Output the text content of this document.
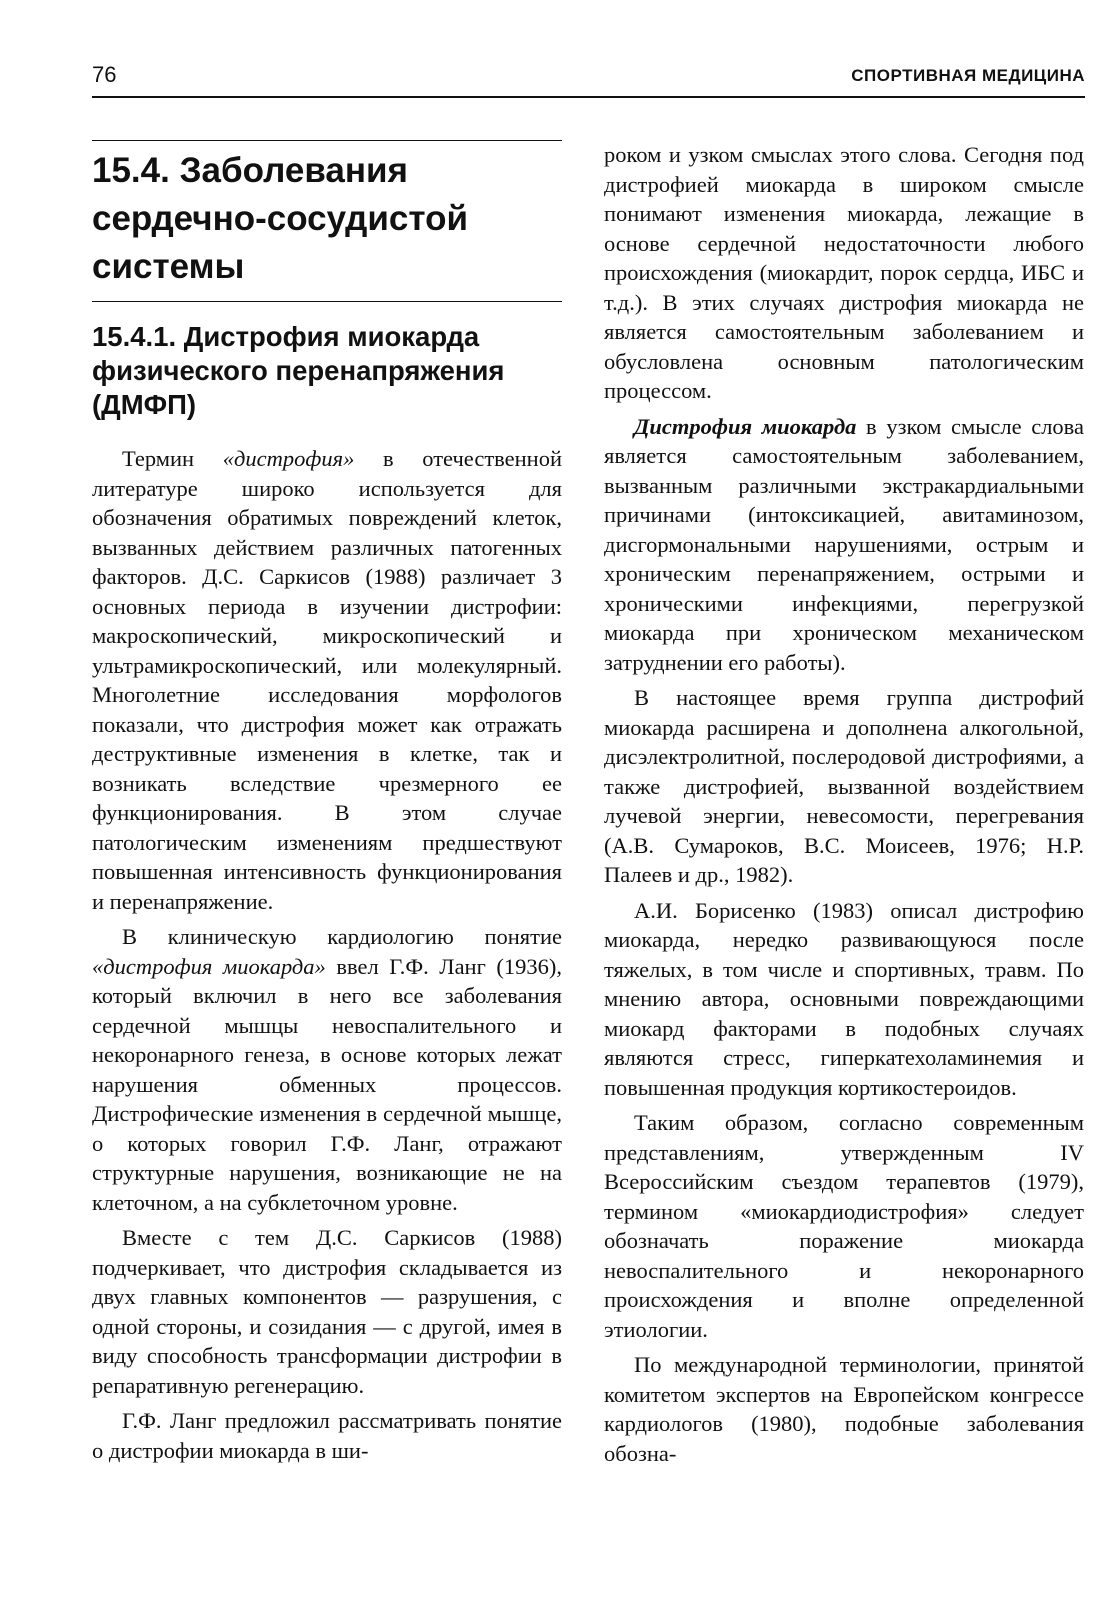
76	СПОРТИВНАЯ МЕДИЦИНА
15.4. Заболевания сердечно-сосудистой системы
15.4.1. Дистрофия миокарда физического перенапряжения (ДМФП)

Термин «дистрофия» в отечественной литературе широко используется для обозначения обратимых повреждений клеток, вызванных действием различных патогенных факторов. Д.С. Саркисов (1988) различает 3 основных периода в изучении дистрофии: макроскопический, микроскопический и ультрамикроскопический, или молекулярный. Многолетние исследования морфологов показали, что дистрофия может как отражать деструктивные изменения в клетке, так и возникать вследствие чрезмерного ее функционирования. В этом случае патологическим изменениям предшествуют повышенная интенсивность функционирования и перенапряжение.

В клиническую кардиологию понятие «дистрофия миокарда» ввел Г.Ф. Ланг (1936), который включил в него все заболевания сердечной мышцы невоспалительного и некоронарного генеза, в основе которых лежат нарушения обменных процессов. Дистрофические изменения в сердечной мышце, о которых говорил Г.Ф. Ланг, отражают структурные нарушения, возникающие не на клеточном, а на субклеточном уровне.

Вместе с тем Д.С. Саркисов (1988) подчеркивает, что дистрофия складывается из двух главных компонентов — разрушения, с одной стороны, и созидания — с другой, имея в виду способность трансформации дистрофии в репаративную регенерацию.

Г.Ф. Ланг предложил рассматривать понятие о дистрофии миокарда в ши-

роком и узком смыслах этого слова. Сегодня под дистрофией миокарда в широком смысле понимают изменения миокарда, лежащие в основе сердечной недостаточности любого происхождения (миокардит, порок сердца, ИБС и т.д.). В этих случаях дистрофия миокарда не является самостоятельным заболеванием и обусловлена основным патологическим процессом.

Дистрофия миокарда в узком смысле слова является самостоятельным заболеванием, вызванным различными экстракардиальными причинами (интоксикацией, авитаминозом, дисгормональными нарушениями, острым и хроническим перенапряжением, острыми и хроническими инфекциями, перегрузкой миокарда при хроническом механическом затруднении его работы).

В настоящее время группа дистрофий миокарда расширена и дополнена алкогольной, дисэлектролитной, послеродовой дистрофиями, а также дистрофией, вызванной воздействием лучевой энергии, невесомости, перегревания (А.В. Сумароков, В.С. Моисеев, 1976; Н.Р. Палеев и др., 1982).

А.И. Борисенко (1983) описал дистрофию миокарда, нередко развивающуюся после тяжелых, в том числе и спортивных, травм. По мнению автора, основными повреждающими миокард факторами в подобных случаях являются стресс, гиперкатехоламинемия и повышенная продукция кортикостероидов.

Таким образом, согласно современным представлениям, утвержденным IV Всероссийским съездом терапевтов (1979), термином «миокардиодистрофия» следует обозначать поражение миокарда невоспалительного и некоронарного происхождения и вполне определенной этиологии.

По международной терминологии, принятой комитетом экспертов на Европейском конгрессе кардиологов (1980), подобные заболевания обозна-
